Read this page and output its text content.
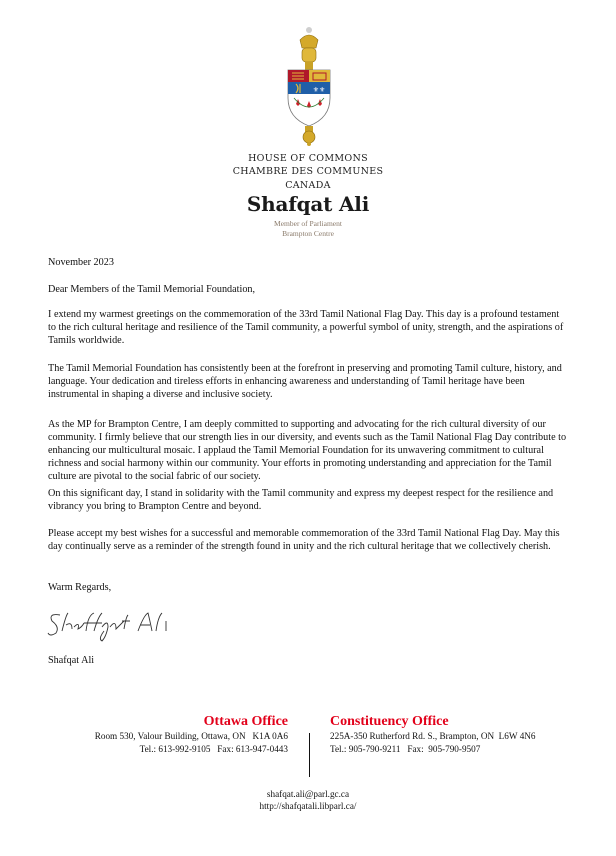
⚜⚜
HOUSE OF COMMONS
CHAMBRE DES COMMUNES
CANADA
Shafqat Ali
Member of Parliament
Brampton Centre
November 2023
Dear Members of the Tamil Memorial Foundation,

I extend my warmest greetings on the commemoration of the 33rd Tamil National Flag Day. This day is a profound testament to the rich cultural heritage and resilience of the Tamil community, a powerful symbol of unity, strength, and the aspirations of Tamils worldwide.

The Tamil Memorial Foundation has consistently been at the forefront in preserving and promoting Tamil culture, history, and language. Your dedication and tireless efforts in enhancing awareness and understanding of Tamil heritage have been instrumental in shaping a diverse and inclusive society.

As the MP for Brampton Centre, I am deeply committed to supporting and advocating for the rich cultural diversity of our community. I firmly believe that our strength lies in our diversity, and events such as the Tamil National Flag Day contribute to enhancing our multicultural mosaic. I applaud the Tamil Memorial Foundation for its unwavering commitment to cultural richness and social harmony within our community. Your efforts in promoting understanding and appreciation for the Tamil culture are pivotal to the social fabric of our society.

On this significant day, I stand in solidarity with the Tamil community and express my deepest respect for the resilience and vibrancy you bring to Brampton Centre and beyond.

Please accept my best wishes for a successful and memorable commemoration of the 33rd Tamil National Flag Day. May this day continually serve as a reminder of the strength found in unity and the rich cultural heritage that we collectively cherish.

Warm Regards,
Shafqat Ali
Ottawa Office
Room 530, Valour Building, Ottawa, ON   K1A 0A6
Tel.: 613-992-9105   Fax: 613-947-0443
Constituency Office
225A-350 Rutherford Rd. S., Brampton, ON  L6W 4N6
Tel.: 905-790-9211   Fax:  905-790-9507
shafqat.ali@parl.gc.ca
http://shafqatali.libparl.ca/
